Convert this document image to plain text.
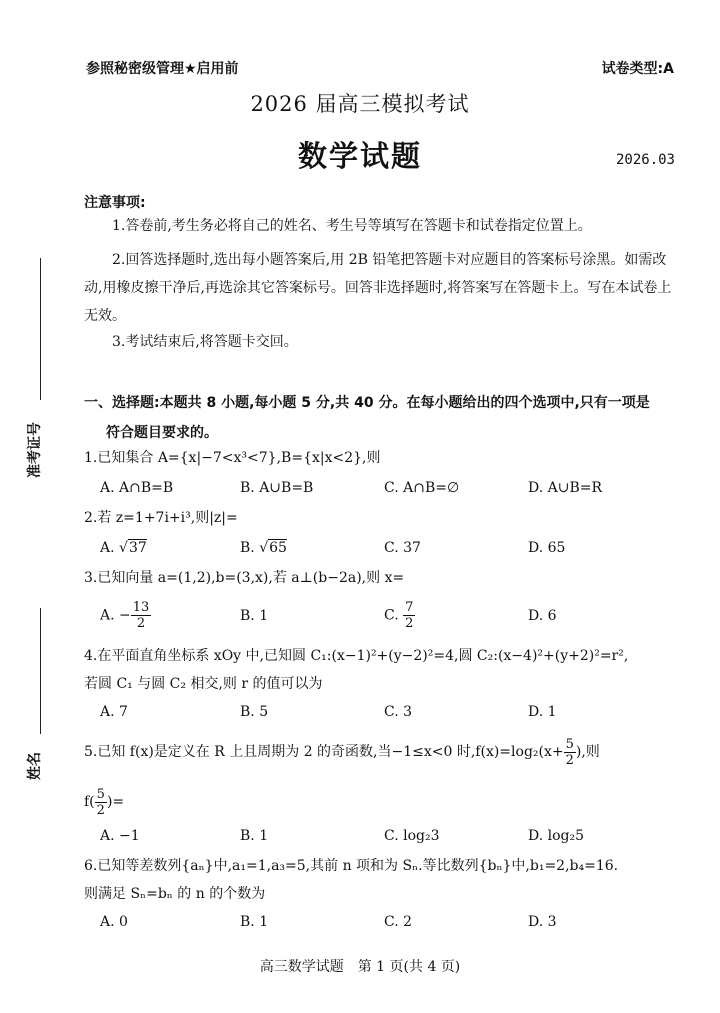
参照秘密级管理★启用前	试卷类型:A
2026 届高三模拟考试
数学试题	2026.03
注意事项:
1.答卷前,考生务必将自己的姓名、考生号等填写在答题卡和试卷指定位置上。
2.回答选择题时,选出每小题答案后,用 2B 铅笔把答题卡对应题目的答案标号涂黑。如需改动,用橡皮擦干净后,再选涂其它答案标号。回答非选择题时,将答案写在答题卡上。写在本试卷上无效。
3.考试结束后,将答题卡交回。
准考证号
姓名
一、选择题:本题共 8 小题,每小题 5 分,共 40 分。在每小题给出的四个选项中,只有一项是
符合题目要求的。
1.已知集合 A={x|−7<x³<7},B={x|x<2},则
A. A∩B=B	B. A∪B=B	C. A∩B=∅	D. A∪B=R
2.若 z=1+7i+i³,则|z|=
A. √37	B. √65	C. 37	D. 65
3.已知向量 a=(1,2),b=(3,x),若 a⊥(b−2a),则 x=
A. − $\frac{13}{2}$	B. 1	C. $\frac{7}{2}$	D. 6
4.在平面直角坐标系 xOy 中,已知圆 C₁:(x−1)²+(y−2)²=4,圆 C₂:(x−4)²+(y+2)²=r²,
若圆 C₁ 与圆 C₂ 相交,则 r 的值可以为
A. 7	B. 5	C. 3	D. 1
5.已知 f(x)是定义在 R 上且周期为 2 的奇函数,当−1≤x<0 时$,f(x)=\log_2(x+ \frac{5}{2}$ ),则
$f( \frac{5}{2}$ )=
A. −1	B. 1	C. log₂3	D. log₂5
6.已知等差数列{aₙ}中,a₁=1,a₃=5,其前 n 项和为 Sₙ.等比数列{bₙ}中,b₁=2,b₄=16.
则满足 Sₙ=bₙ 的 n 的个数为
A. 0	B. 1	C. 2	D. 3
高三数学试题　第 1 页(共 4 页)
